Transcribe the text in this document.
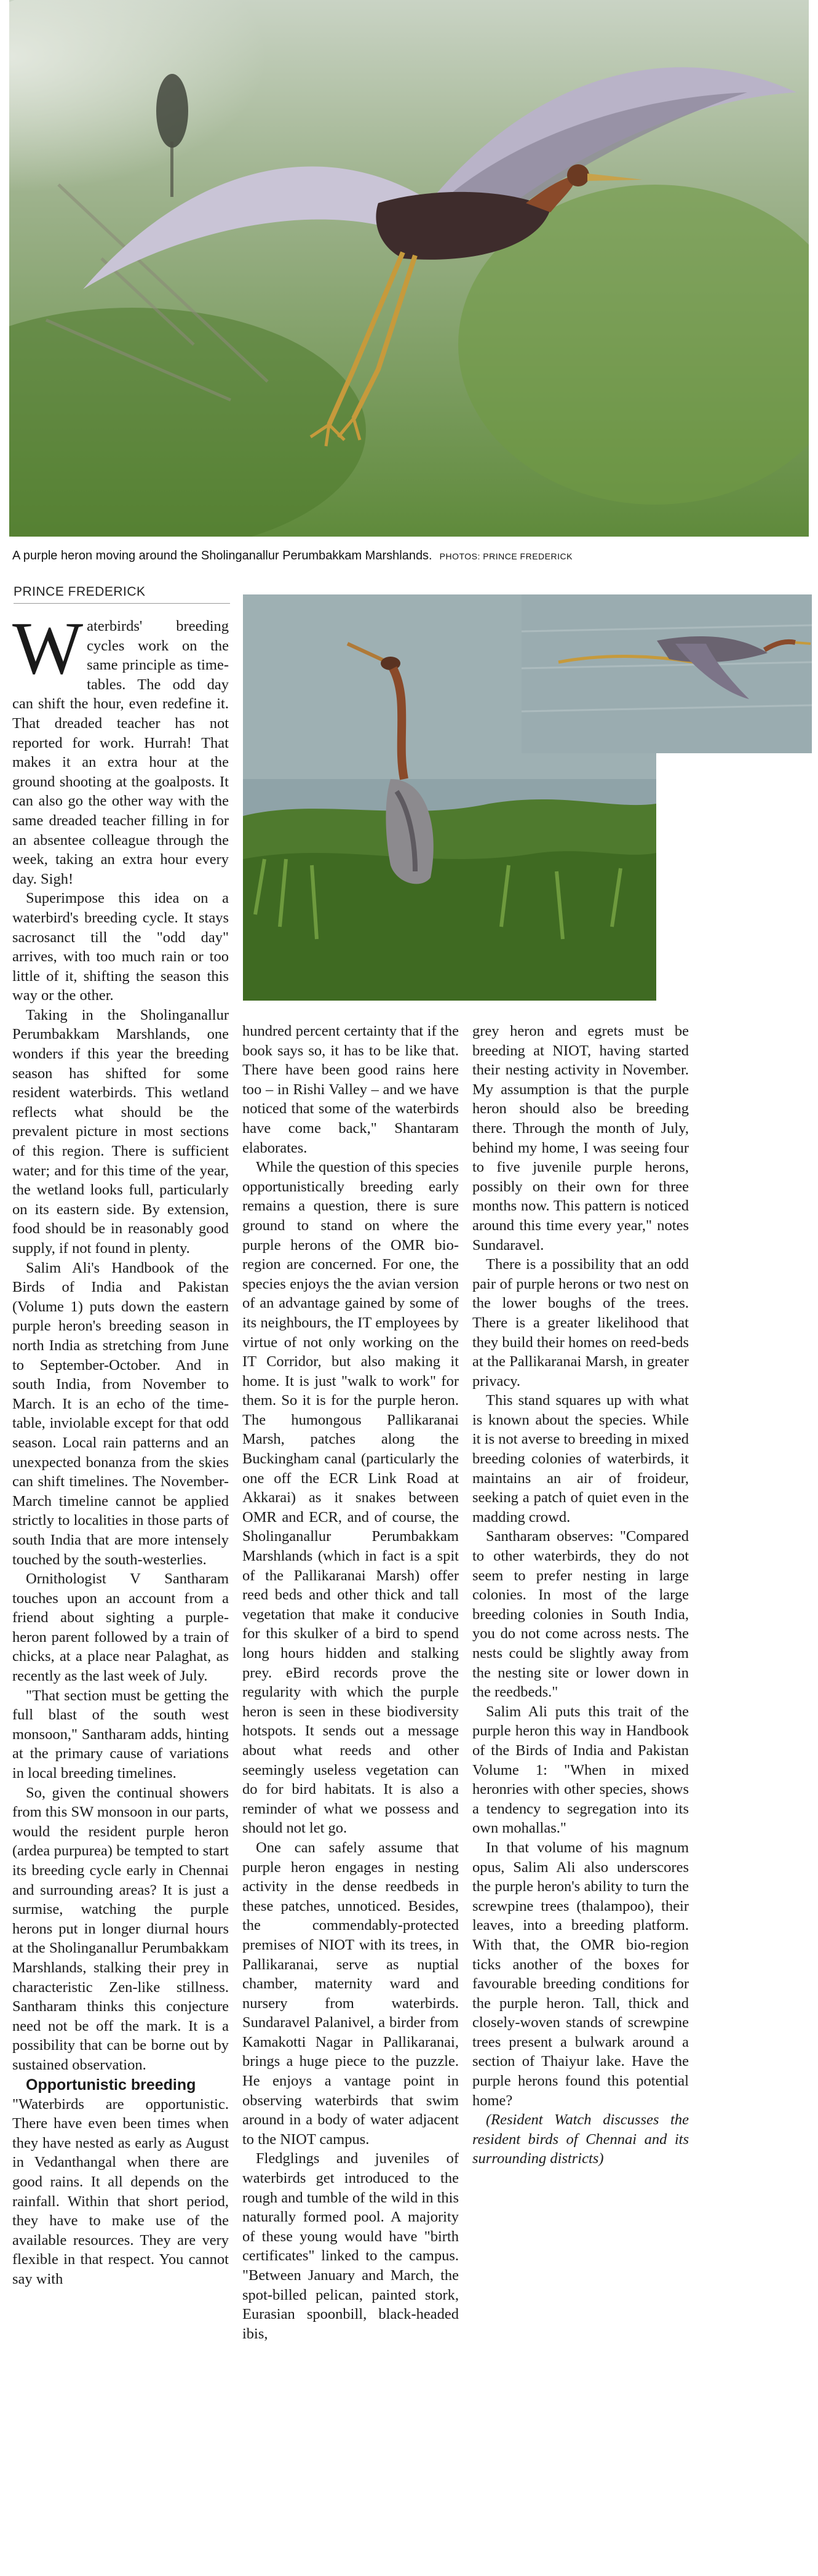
A purple heron moving around the Sholinganallur Perumbakkam Marshlands. PHOTOS: PRINCE FREDERICK
PRINCE FREDERICK

Waterbirds' breeding cycles work on the same principle as time-tables. The odd day can shift the hour, even redefine it. That dreaded teacher has not reported for work. Hurrah! That makes it an extra hour at the ground shooting at the goalposts. It can also go the other way with the same dreaded teacher filling in for an absentee colleague through the week, taking an extra hour every day. Sigh!

Superimpose this idea on a waterbird's breeding cycle. It stays sacrosanct till the "odd day" arrives, with too much rain or too little of it, shifting the season this way or the other.

Taking in the Sholinganallur Perumbakkam Marshlands, one wonders if this year the breeding season has shifted for some resident waterbirds. This wetland reflects what should be the prevalent picture in most sections of this region. There is sufficient water; and for this time of the year, the wetland looks full, particularly on its eastern side. By extension, food should be in reasonably good supply, if not found in plenty.

Salim Ali's Handbook of the Birds of India and Pakistan (Volume 1) puts down the eastern purple heron's breeding season in north India as stretching from June to September-October. And in south India, from November to March. It is an echo of the time-table, inviolable except for that odd season. Local rain patterns and an unexpected bonanza from the skies can shift timelines. The November-March timeline cannot be applied strictly to localities in those parts of south India that are more intensely touched by the south-westerlies.

Ornithologist V Santharam touches upon an account from a friend about sighting a purple-heron parent followed by a train of chicks, at a place near Palaghat, as recently as the last week of July.

"That section must be getting the full blast of the south west monsoon," Santharam adds, hinting at the primary cause of variations in local breeding timelines.

So, given the continual showers from this SW monsoon in our parts, would the resident purple heron (ardea purpurea) be tempted to start its breeding cycle early in Chennai and surrounding areas? It is just a surmise, watching the purple herons put in longer diurnal hours at the Sholinganallur Perumbakkam Marshlands, stalking their prey in characteristic Zen-like stillness. Santharam thinks this conjecture need not be off the mark. It is a possibility that can be borne out by sustained observation.

Opportunistic breeding

"Waterbirds are opportunistic. There have even been times when they have nested as early as August in Vedanthangal when there are good rains. It all depends on the rainfall. Within that short period, they have to make use of the available resources. They are very flexible in that respect. You cannot say with

hundred percent certainty that if the book says so, it has to be like that. There have been good rains here too – in Rishi Valley – and we have noticed that some of the waterbirds have come back," Shantaram elaborates.

While the question of this species opportunistically breeding early remains a question, there is sure ground to stand on where the purple herons of the OMR bio-region are concerned. For one, the species enjoys the the avian version of an advantage gained by some of its neighbours, the IT employees by virtue of not only working on the IT Corridor, but also making it home. It is just "walk to work" for them. So it is for the purple heron. The humongous Pallikaranai Marsh, patches along the Buckingham canal (particularly the one off the ECR Link Road at Akkarai) as it snakes between OMR and ECR, and of course, the Sholinganallur Perumbakkam Marshlands (which in fact is a spit of the Pallikaranai Marsh) offer reed beds and other thick and tall vegetation that make it conducive for this skulker of a bird to spend long hours hidden and stalking prey. eBird records prove the regularity with which the purple heron is seen in these biodiversity hotspots. It sends out a message about what reeds and other seemingly useless vegetation can do for bird habitats. It is also a reminder of what we possess and should not let go.

One can safely assume that purple heron engages in nesting activity in the dense reedbeds in these patches, unnoticed. Besides, the commendably-protected premises of NIOT with its trees, in Pallikaranai, serve as nuptial chamber, maternity ward and nursery from waterbirds. Sundaravel Palanivel, a birder from Kamakotti Nagar in Pallikaranai, brings a huge piece to the puzzle. He enjoys a vantage point in observing waterbirds that swim around in a body of water adjacent to the NIOT campus.

Fledglings and juveniles of waterbirds get introduced to the rough and tumble of the wild in this naturally formed pool. A majority of these young would have "birth certificates" linked to the campus. "Between January and March, the spot-billed pelican, painted stork, Eurasian spoonbill, black-headed ibis,

grey heron and egrets must be breeding at NIOT, having started their nesting activity in November. My assumption is that the purple heron should also be breeding there. Through the month of July, behind my home, I was seeing four to five juvenile purple herons, possibly on their own for three months now. This pattern is noticed around this time every year," notes Sundaravel.

There is a possibility that an odd pair of purple herons or two nest on the lower boughs of the trees. There is a greater likelihood that they build their homes on reed-beds at the Pallikaranai Marsh, in greater privacy.

This stand squares up with what is known about the species. While it is not averse to breeding in mixed breeding colonies of waterbirds, it maintains an air of froideur, seeking a patch of quiet even in the madding crowd.

Santharam observes: "Compared to other waterbirds, they do not seem to prefer nesting in large colonies. In most of the large breeding colonies in South India, you do not come across nests. The nests could be slightly away from the nesting site or lower down in the reedbeds."

Salim Ali puts this trait of the purple heron this way in Handbook of the Birds of India and Pakistan Volume 1: "When in mixed heronries with other species, shows a tendency to segregation into its own mohallas."

In that volume of his magnum opus, Salim Ali also underscores the purple heron's ability to turn the screwpine trees (thalampoo), their leaves, into a breeding platform. With that, the OMR bio-region ticks another of the boxes for favourable breeding conditions for the purple heron. Tall, thick and closely-woven stands of screwpine trees present a bulwark around a section of Thaiyur lake. Have the purple herons found this potential home?

(Resident Watch discusses the resident birds of Chennai and its surrounding districts)
